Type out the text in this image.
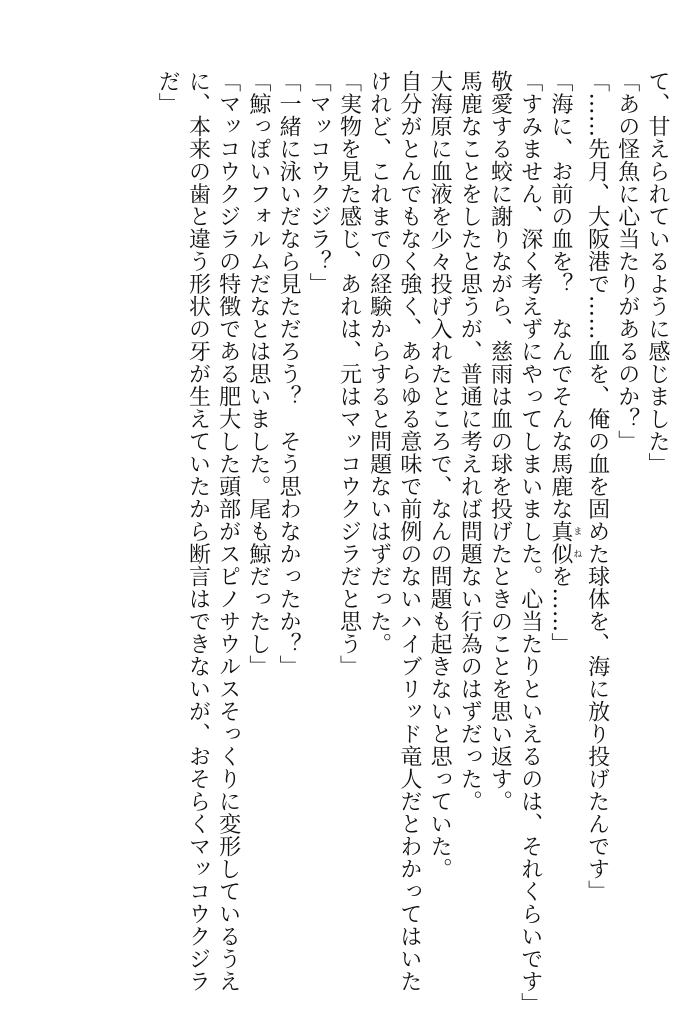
て、甘えられているように感じました」
「あの怪魚に心当たりがあるのか？」
「……先月、大阪港で……血を、俺の血を固めた球体を、海に放り投げたんです」
「海に、お前の血を？　なんでそんな馬鹿な真似まねを……」
「すみません、深く考えずにやってしまいました。心当たりといえるのは、それくらいです」
敬愛する蛟に謝りながら、慈雨は血の球を投げたときのことを思い返す。
馬鹿なことをしたと思うが、普通に考えれば問題ない行為のはずだった。
大海原に血液を少々投げ入れたところで、なんの問題も起きないと思っていた。
自分がとんでもなく強く、あらゆる意味で前例のないハイブリッド竜人だとわかってはいた
けれど、これまでの経験からすると問題ないはずだった。
「実物を見た感じ、あれは、元はマッコウクジラだと思う」
「マッコウクジラ？」
「一緒に泳いだなら見ただろう？　そう思わなかったか？」
「鯨っぽいフォルムだなとは思いました。尾も鯨だったし」
「マッコウクジラの特徴である肥大した頭部がスピノサウルスそっくりに変形しているうえ
に、本来の歯と違う形状の牙が生えていたから断言はできないが、おそらくマッコウクジラ
だ」
